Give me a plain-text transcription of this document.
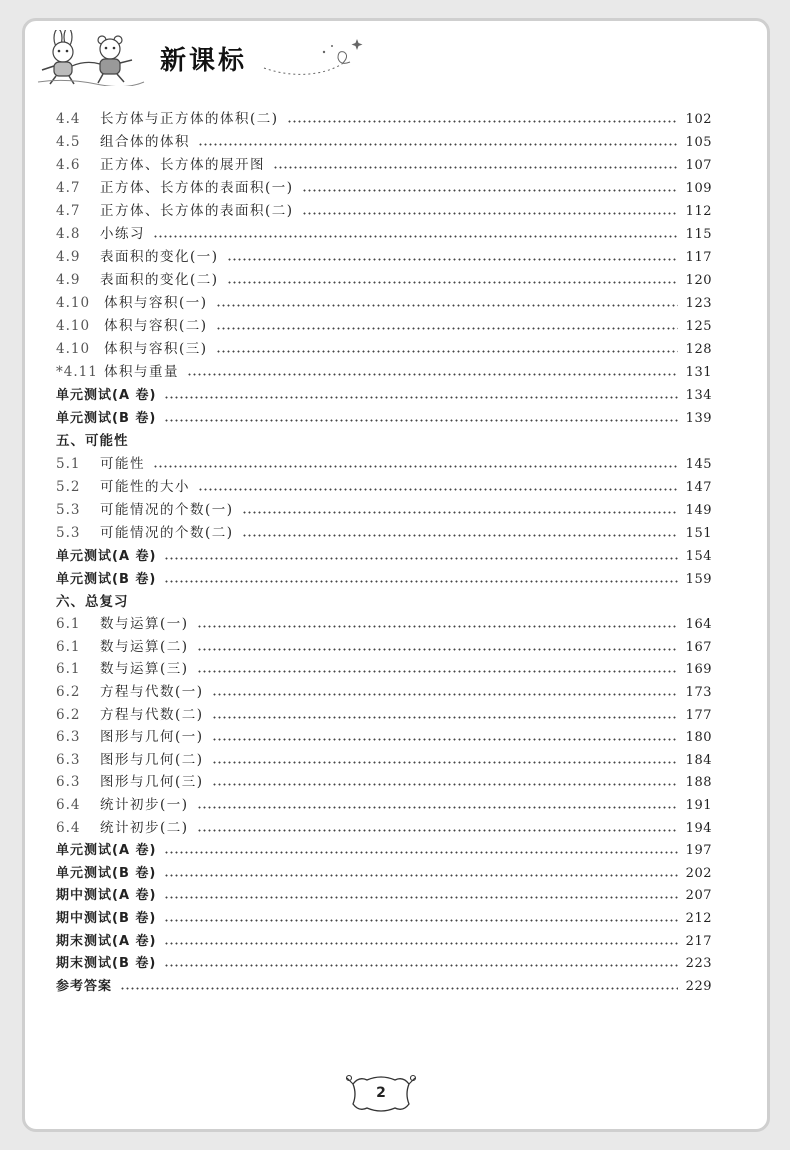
新课标
4.4	长方体与正方体的体积(二)	102
4.5	组合体的体积	105
4.6	正方体、长方体的展开图	107
4.7	正方体、长方体的表面积(一)	109
4.7	正方体、长方体的表面积(二)	112
4.8	小练习	115
4.9	表面积的变化(一)	117
4.9	表面积的变化(二)	120
4.10	体积与容积(一)	123
4.10	体积与容积(二)	125
4.10	体积与容积(三)	128
*4.11 体积与重量	131
单元测试(A 卷)	134
单元测试(B 卷)	139
五、可能性
5.1	可能性	145
5.2	可能性的大小	147
5.3	可能情况的个数(一)	149
5.3	可能情况的个数(二)	151
单元测试(A 卷)	154
单元测试(B 卷)	159
六、总复习
6.1	数与运算(一)	164
6.1	数与运算(二)	167
6.1	数与运算(三)	169
6.2	方程与代数(一)	173
6.2	方程与代数(二)	177
6.3	图形与几何(一)	180
6.3	图形与几何(二)	184
6.3	图形与几何(三)	188
6.4	统计初步(一)	191
6.4	统计初步(二)	194
单元测试(A 卷)	197
单元测试(B 卷)	202
期中测试(A 卷)	207
期中测试(B 卷)	212
期末测试(A 卷)	217
期末测试(B 卷)	223
参考答案	229
2
